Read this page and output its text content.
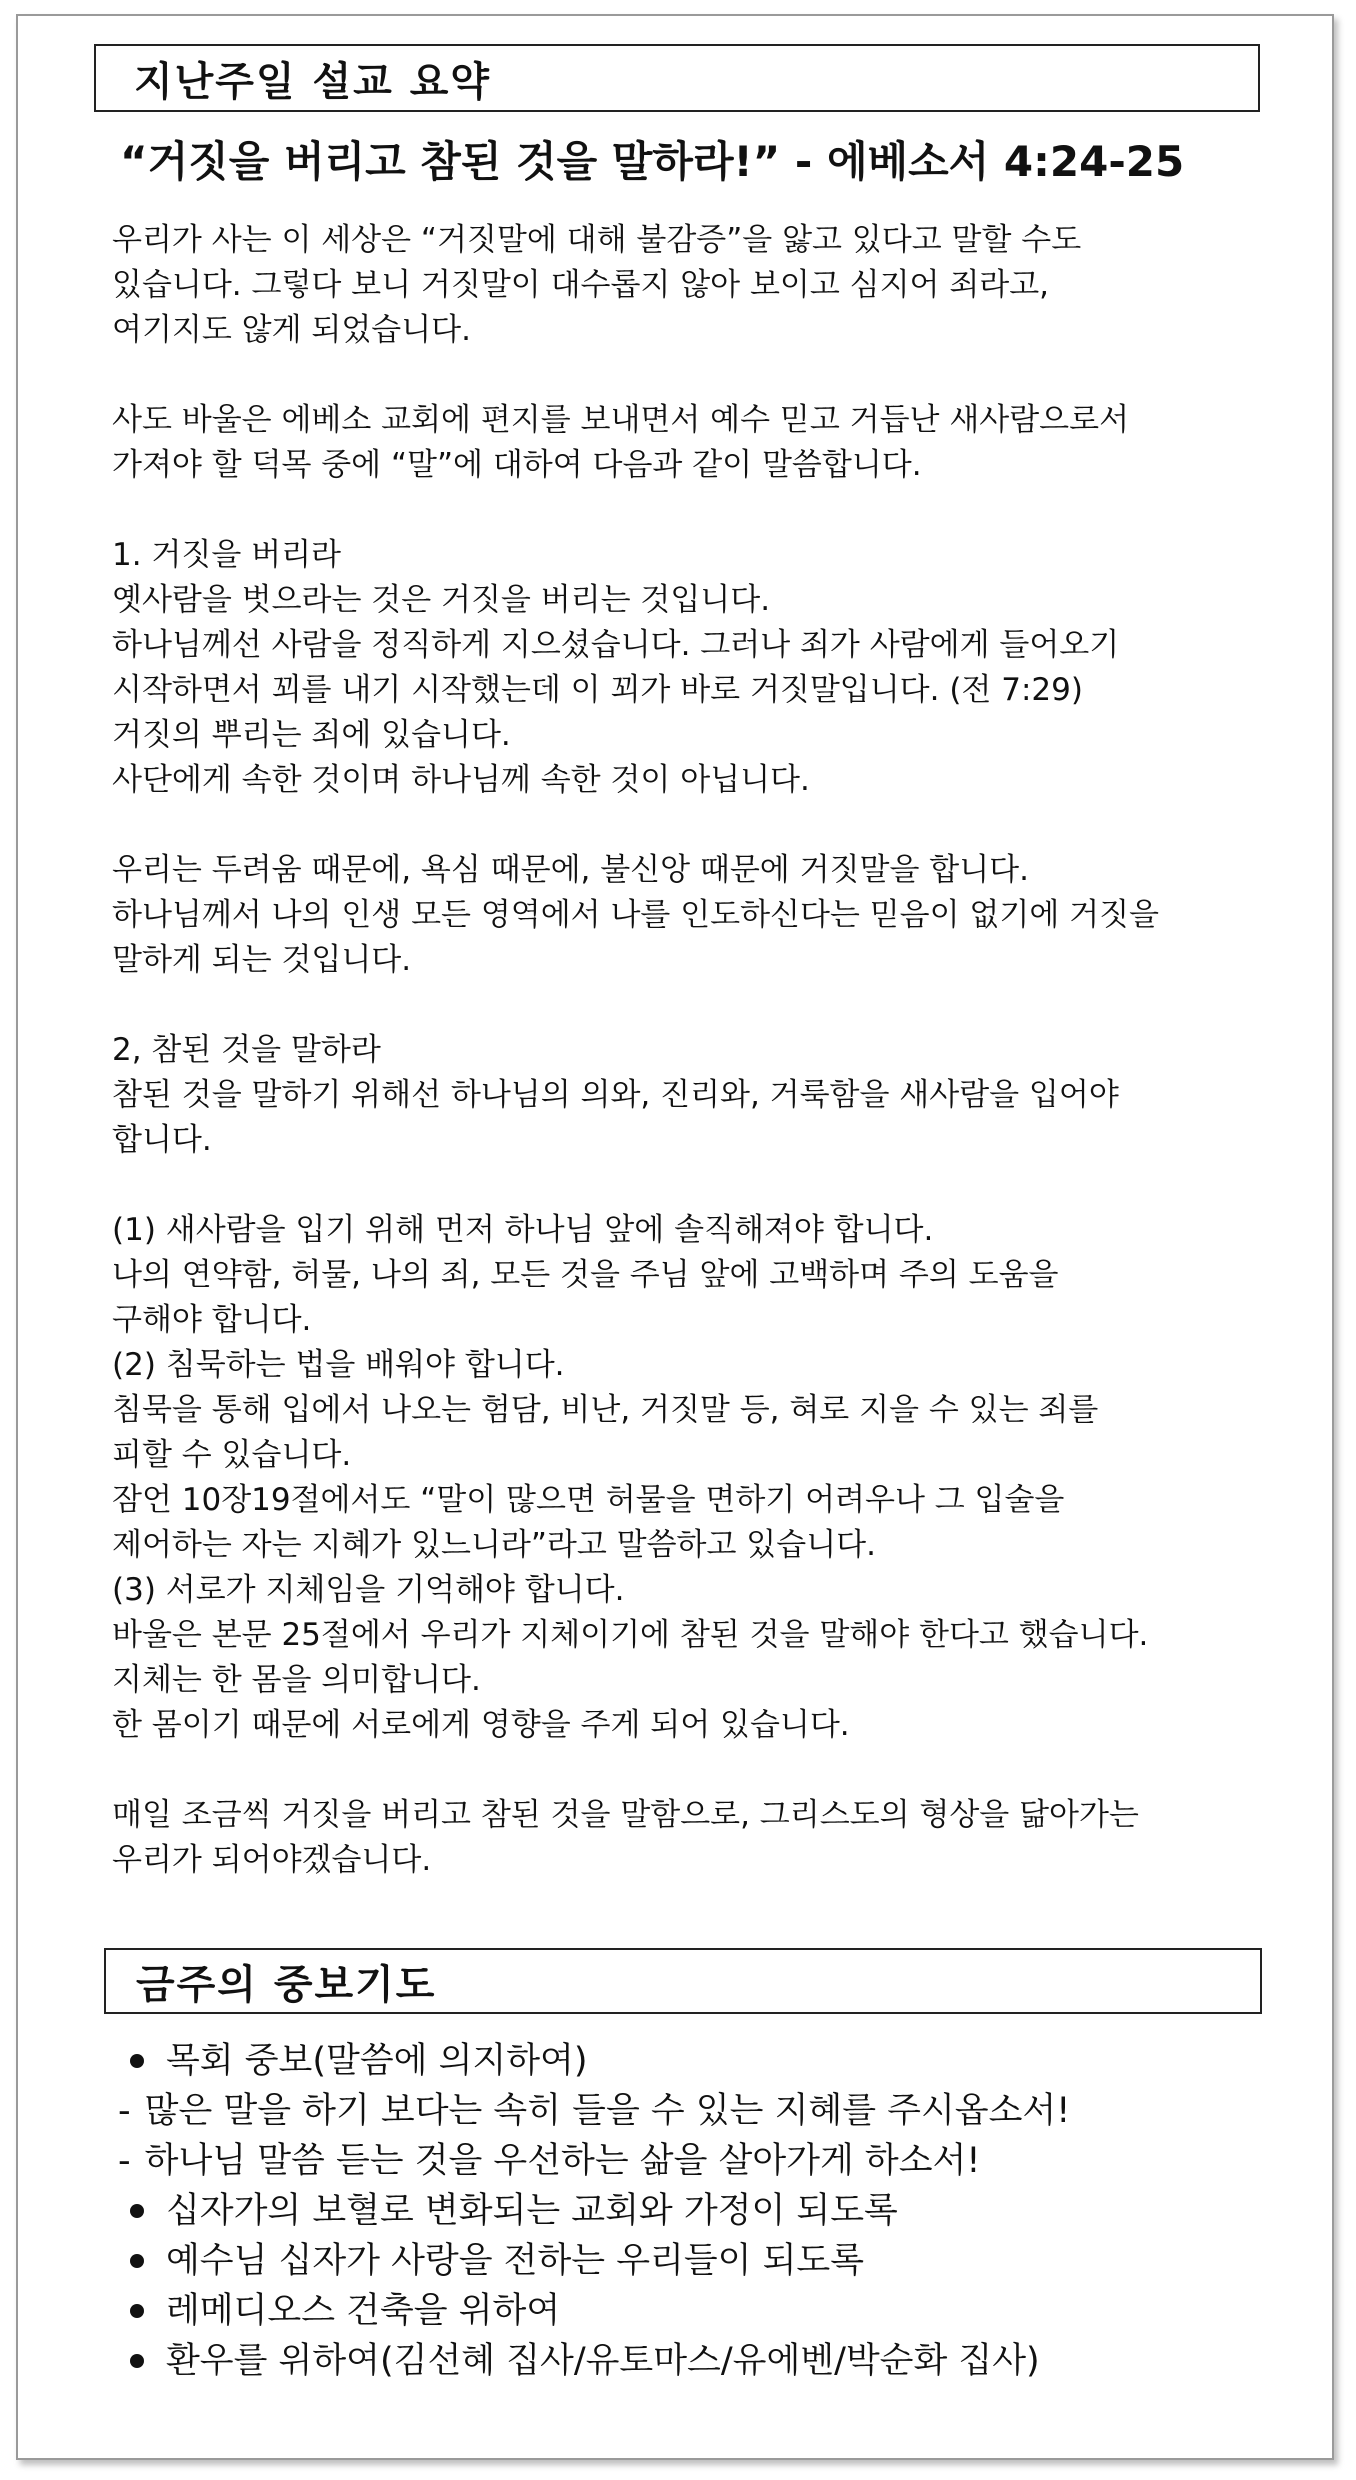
지난주일 설교 요약
“거짓을 버리고 참된 것을 말하라!” - 에베소서 4:24-25
우리가 사는 이 세상은 “거짓말에 대해 불감증”을 앓고 있다고 말할 수도
있습니다. 그렇다 보니 거짓말이 대수롭지 않아 보이고 심지어 죄라고,
여기지도 않게 되었습니다.
사도 바울은 에베소 교회에 편지를 보내면서 예수 믿고 거듭난 새사람으로서
가져야 할 덕목 중에 “말”에 대하여 다음과 같이 말씀합니다.
1. 거짓을 버리라
옛사람을 벗으라는 것은 거짓을 버리는 것입니다.
하나님께선 사람을 정직하게 지으셨습니다. 그러나 죄가 사람에게 들어오기
시작하면서 꾀를 내기 시작했는데 이 꾀가 바로 거짓말입니다. (전 7:29)
거짓의 뿌리는 죄에 있습니다.
사단에게 속한 것이며 하나님께 속한 것이 아닙니다.
우리는 두려움 때문에, 욕심 때문에, 불신앙 때문에 거짓말을 합니다.
하나님께서 나의 인생 모든 영역에서 나를 인도하신다는 믿음이 없기에 거짓을
말하게 되는 것입니다.
2, 참된 것을 말하라
참된 것을 말하기 위해선 하나님의 의와, 진리와, 거룩함을 새사람을 입어야
합니다.
(1) 새사람을 입기 위해 먼저 하나님 앞에 솔직해져야 합니다.
나의 연약함, 허물, 나의 죄, 모든 것을 주님 앞에 고백하며 주의 도움을
구해야 합니다.
(2) 침묵하는 법을 배워야 합니다.
침묵을 통해 입에서 나오는 험담, 비난, 거짓말 등, 혀로 지을 수 있는 죄를
피할 수 있습니다.
잠언 10장19절에서도 “말이 많으면 허물을 면하기 어려우나 그 입술을
제어하는 자는 지혜가 있느니라”라고 말씀하고 있습니다.
(3) 서로가 지체임을 기억해야 합니다.
바울은 본문 25절에서 우리가 지체이기에 참된 것을 말해야 한다고 했습니다.
지체는 한 몸을 의미합니다.
한 몸이기 때문에 서로에게 영향을 주게 되어 있습니다.
매일 조금씩 거짓을 버리고 참된 것을 말함으로, 그리스도의 형상을 닮아가는
우리가 되어야겠습니다.
금주의 중보기도
목회 중보(말씀에 의지하여)
- 많은 말을 하기 보다는 속히 들을 수 있는 지혜를 주시옵소서!
- 하나님 말씀 듣는 것을 우선하는 삶을 살아가게 하소서!
십자가의 보혈로 변화되는 교회와 가정이 되도록
예수님 십자가 사랑을 전하는 우리들이 되도록
레메디오스 건축을 위하여
환우를 위하여(김선혜 집사/유토마스/유에벤/박순화 집사)
